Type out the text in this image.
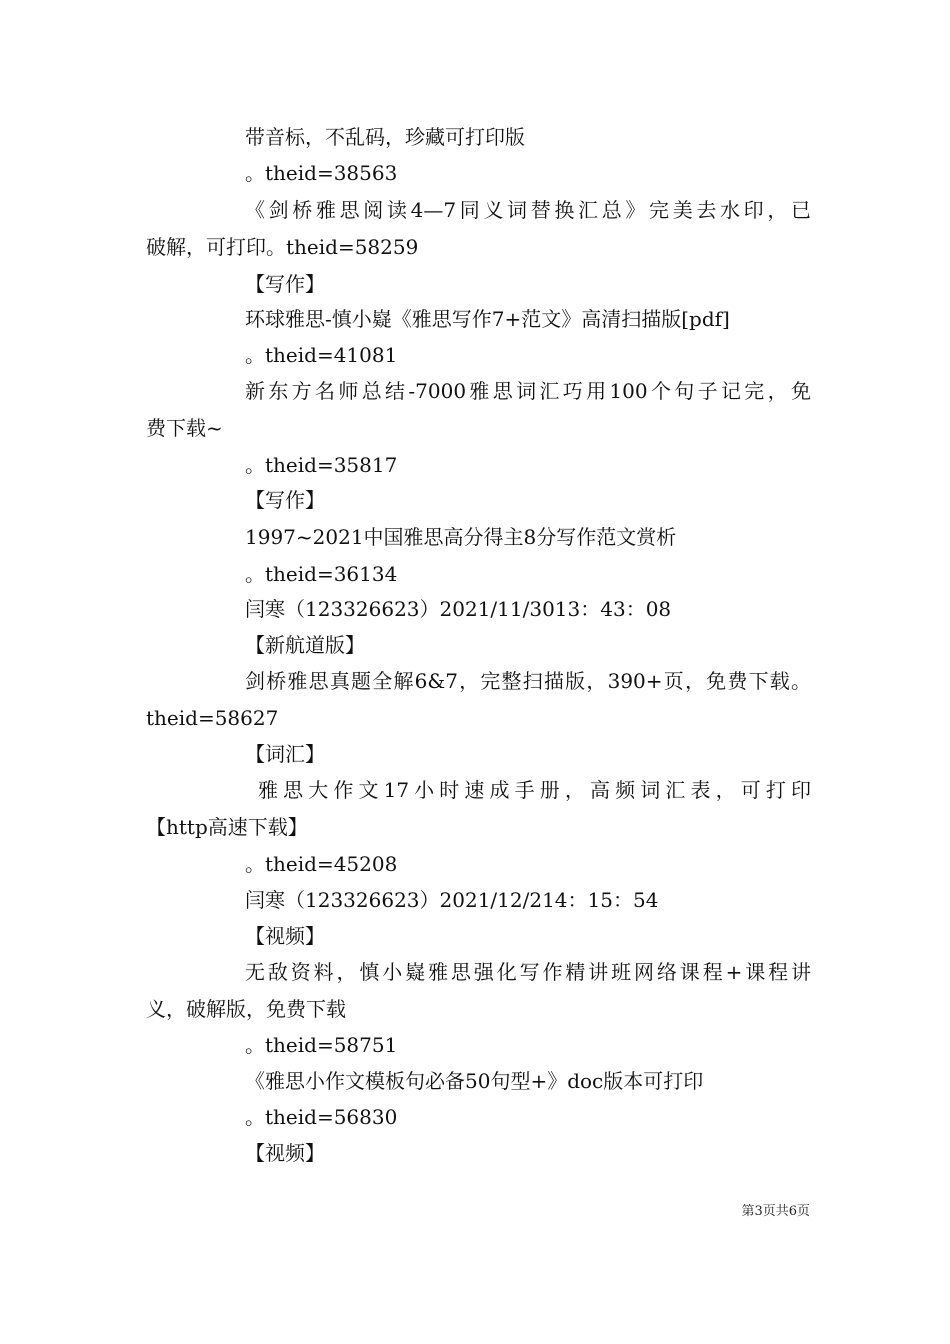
带音标，不乱码，珍藏可打印版
。theid=38563
《剑桥雅思阅读4—7同义词替换汇总》完美去水印，已
破解，可打印。theid=58259
【写作】
环球雅思-慎小嶷《雅思写作7+范文》高清扫描版[pdf]
。theid=41081
新东方名师总结-7000雅思词汇巧用100个句子记完，免
费下载~
。theid=35817
【写作】
1997~2021中国雅思高分得主8分写作范文赏析
。theid=36134
闫寒（123326623）2021/11/3013：43：08
【新航道版】
剑桥雅思真题全解6&7，完整扫描版，390+页，免费下载。
theid=58627
【词汇】
雅思大作文17小时速成手册，高频词汇表，可打印
【http高速下载】
。theid=45208
闫寒（123326623）2021/12/214：15：54
【视频】
无敌资料，慎小嶷雅思强化写作精讲班网络课程+课程讲
义，破解版，免费下载
。theid=58751
《雅思小作文模板句必备50句型+》doc版本可打印
。theid=56830
【视频】
第3页共6页
